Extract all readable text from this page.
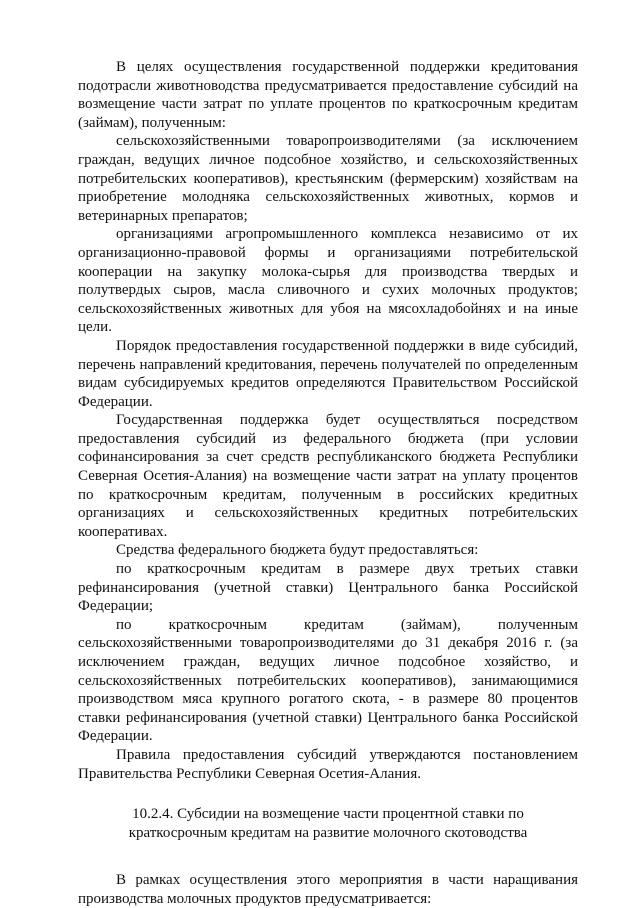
В целях осуществления государственной поддержки кредитования подотрасли животноводства предусматривается предоставление субсидий на возмещение части затрат по уплате процентов по краткосрочным кредитам (займам), полученным:

сельскохозяйственными товаропроизводителями (за исключением граждан, ведущих личное подсобное хозяйство, и сельскохозяйственных потребительских кооперативов), крестьянским (фермерским) хозяйствам на приобретение молодняка сельскохозяйственных животных, кормов и ветеринарных препаратов;

организациями агропромышленного комплекса независимо от их организационно-правовой формы и организациями потребительской кооперации на закупку молока-сырья для производства твердых и полутвердых сыров, масла сливочного и сухих молочных продуктов; сельскохозяйственных животных для убоя на мясохладобойнях и на иные цели.

Порядок предоставления государственной поддержки в виде субсидий, перечень направлений кредитования, перечень получателей по определенным видам субсидируемых кредитов определяются Правительством Российской Федерации.

Государственная поддержка будет осуществляться посредством предоставления субсидий из федерального бюджета (при условии софинансирования за счет средств республиканского бюджета Республики Северная Осетия-Алания) на возмещение части затрат на уплату процентов по краткосрочным кредитам, полученным в российских кредитных организациях и сельскохозяйственных кредитных потребительских кооперативах.

Средства федерального бюджета будут предоставляться:

по краткосрочным кредитам в размере двух третьих ставки рефинансирования (учетной ставки) Центрального банка Российской Федерации;

по краткосрочным кредитам (займам), полученным сельскохозяйственными товаропроизводителями до 31 декабря 2016 г. (за исключением граждан, ведущих личное подсобное хозяйство, и сельскохозяйственных потребительских кооперативов), занимающимися производством мяса крупного рогатого скота, - в размере 80 процентов ставки рефинансирования (учетной ставки) Центрального банка Российской Федерации.

Правила предоставления субсидий утверждаются постановлением Правительства Республики Северная Осетия-Алания.

10.2.4. Субсидии на возмещение части процентной ставки по
краткосрочным кредитам на развитие молочного скотоводства

В рамках осуществления этого мероприятия в части наращивания производства молочных продуктов предусматривается:
